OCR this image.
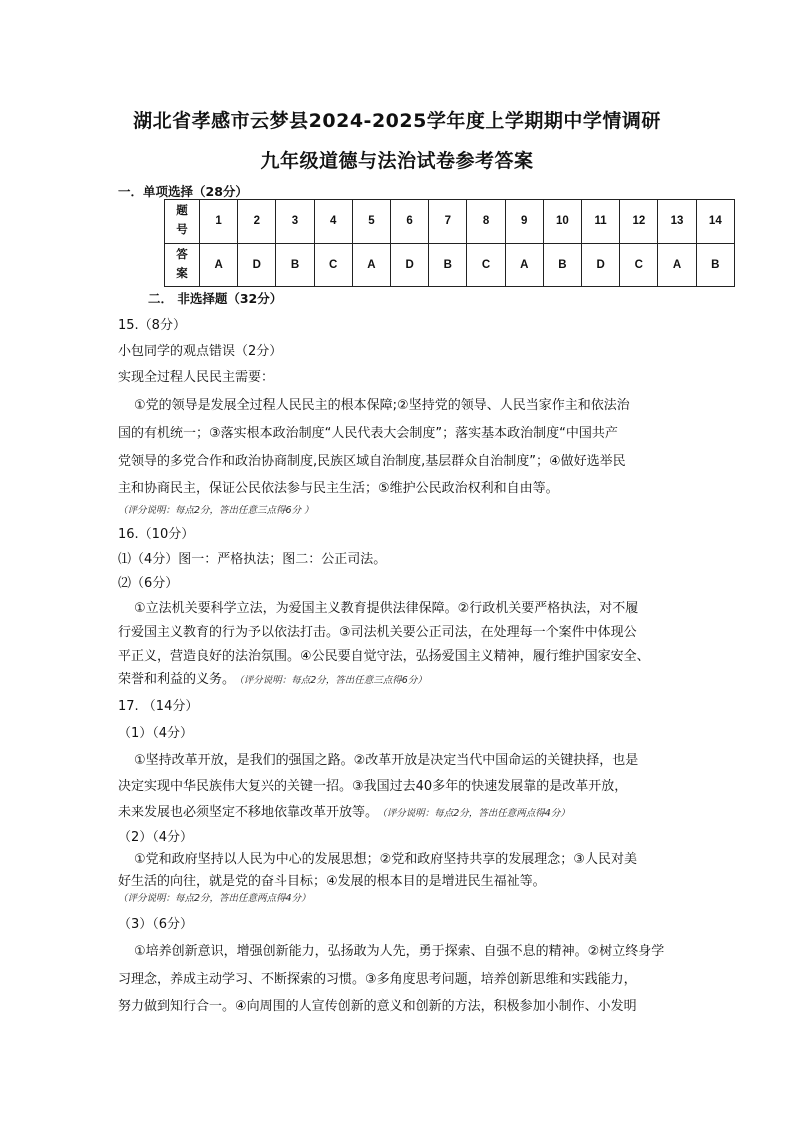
湖北省孝感市云梦县2024-2025学年度上学期期中学情调研
九年级道德与法治试卷参考答案
一．单项选择（28分）
题
号	1	2	3	4	5	6	7	8	9	10	11	12	13	14
答
案	A	D	B	C	A	D	B	C	A	B	D	C	A	B
二． 非选择题（32分）
15.（8分）
小包同学的观点错误（2分）
实现全过程人民民主需要：
①党的领导是发展全过程人民民主的根本保障;②坚持党的领导、人民当家作主和依法治
国的有机统一；③落实根本政治制度“人民代表大会制度”；落实基本政治制度“中国共产
党领导的多党合作和政治协商制度,民族区域自治制度,基层群众自治制度”；④做好选举民
主和协商民主，保证公民依法参与民主生活；⑤维护公民政治权利和自由等。
（评分说明：每点2分，答出任意三点得6分 ）
16.（10分）
⑴（4分）图一：严格执法；图二：公正司法。
⑵（6分）
①立法机关要科学立法，为爱国主义教育提供法律保障。②行政机关要严格执法，对不履
行爱国主义教育的行为予以依法打击。③司法机关要公正司法，在处理每一个案件中体现公
平正义，营造良好的法治氛围。④公民要自觉守法，弘扬爱国主义精神，履行维护国家安全、
荣誉和利益的义务。 （评分说明：每点2分，答出任意三点得6分）
17. （14分）
（1）（4分）
①坚持改革开放，是我们的强国之路。②改革开放是决定当代中国命运的关键抉择，也是
决定实现中华民族伟大复兴的关键一招。③我国过去40多年的快速发展靠的是改革开放，
未来发展也必须坚定不移地依靠改革开放等。 （评分说明：每点2分，答出任意两点得4分）
（2）（4分）
①党和政府坚持以人民为中心的发展思想；②党和政府坚持共享的发展理念；③人民对美
好生活的向往，就是党的奋斗目标；④发展的根本目的是增进民生福祉等。
（评分说明：每点2分，答出任意两点得4分）
（3）（6分）
①培养创新意识，增强创新能力，弘扬敢为人先，勇于探索、自强不息的精神。②树立终身学
习理念，养成主动学习、不断探索的习惯。③多角度思考问题，培养创新思维和实践能力，
努力做到知行合一。④向周围的人宣传创新的意义和创新的方法，积极参加小制作、小发明
